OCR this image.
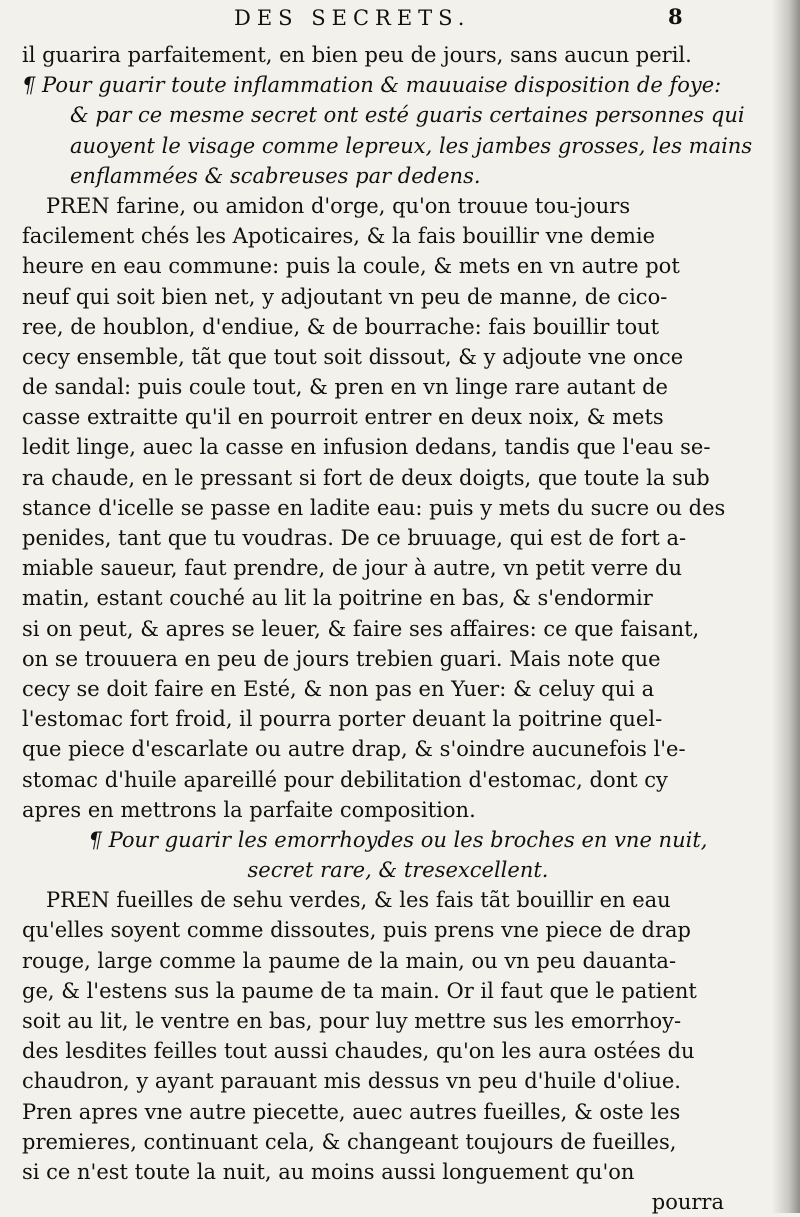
DES SECRETS.	8
il guarira parfaitement, en bien peu de jours, sans aucun peril.
¶ Pour guarir toute inflammation & mauuaise disposition de foye:
& par ce mesme secret ont esté guaris certaines personnes qui
auoyent le visage comme lepreux, les jambes grosses, les mains
enflammées & scabreuses par dedens.
PREN farine, ou amidon d'orge, qu'on trouue tou-jours
facilement chés les Apoticaires, & la fais bouillir vne demie
heure en eau commune: puis la coule, & mets en vn autre pot
neuf qui soit bien net, y adjoutant vn peu de manne, de cico-
ree, de houblon, d'endiue, & de bourrache: fais bouillir tout
cecy ensemble, tãt que tout soit dissout, & y adjoute vne once
de sandal: puis coule tout, & pren en vn linge rare autant de
casse extraitte qu'il en pourroit entrer en deux noix, & mets
ledit linge, auec la casse en infusion dedans, tandis que l'eau se-
ra chaude, en le pressant si fort de deux doigts, que toute la sub
stance d'icelle se passe en ladite eau: puis y mets du sucre ou des
penides, tant que tu voudras. De ce bruuage, qui est de fort a-
miable saueur, faut prendre, de jour à autre, vn petit verre du
matin, estant couché au lit la poitrine en bas, & s'endormir
si on peut, & apres se leuer, & faire ses affaires: ce que faisant,
on se trouuera en peu de jours trebien guari. Mais note que
cecy se doit faire en Esté, & non pas en Yuer: & celuy qui a
l'estomac fort froid, il pourra porter deuant la poitrine quel-
que piece d'escarlate ou autre drap, & s'oindre aucunefois l'e-
stomac d'huile apareillé pour debilitation d'estomac, dont cy
apres en mettrons la parfaite composition.
¶ Pour guarir les emorrhoydes ou les broches en vne nuit,
secret rare, & tresexcellent.
PREN fueilles de sehu verdes, & les fais tãt bouillir en eau
qu'elles soyent comme dissoutes, puis prens vne piece de drap
rouge, large comme la paume de la main, ou vn peu dauanta-
ge, & l'estens sus la paume de ta main. Or il faut que le patient
soit au lit, le ventre en bas, pour luy mettre sus les emorrhoy-
des lesdites feilles tout aussi chaudes, qu'on les aura ostées du
chaudron, y ayant parauant mis dessus vn peu d'huile d'oliue.
Pren apres vne autre piecette, auec autres fueilles, & oste les
premieres, continuant cela, & changeant toujours de fueilles,
si ce n'est toute la nuit, au moins aussi longuement qu'on
pourra
